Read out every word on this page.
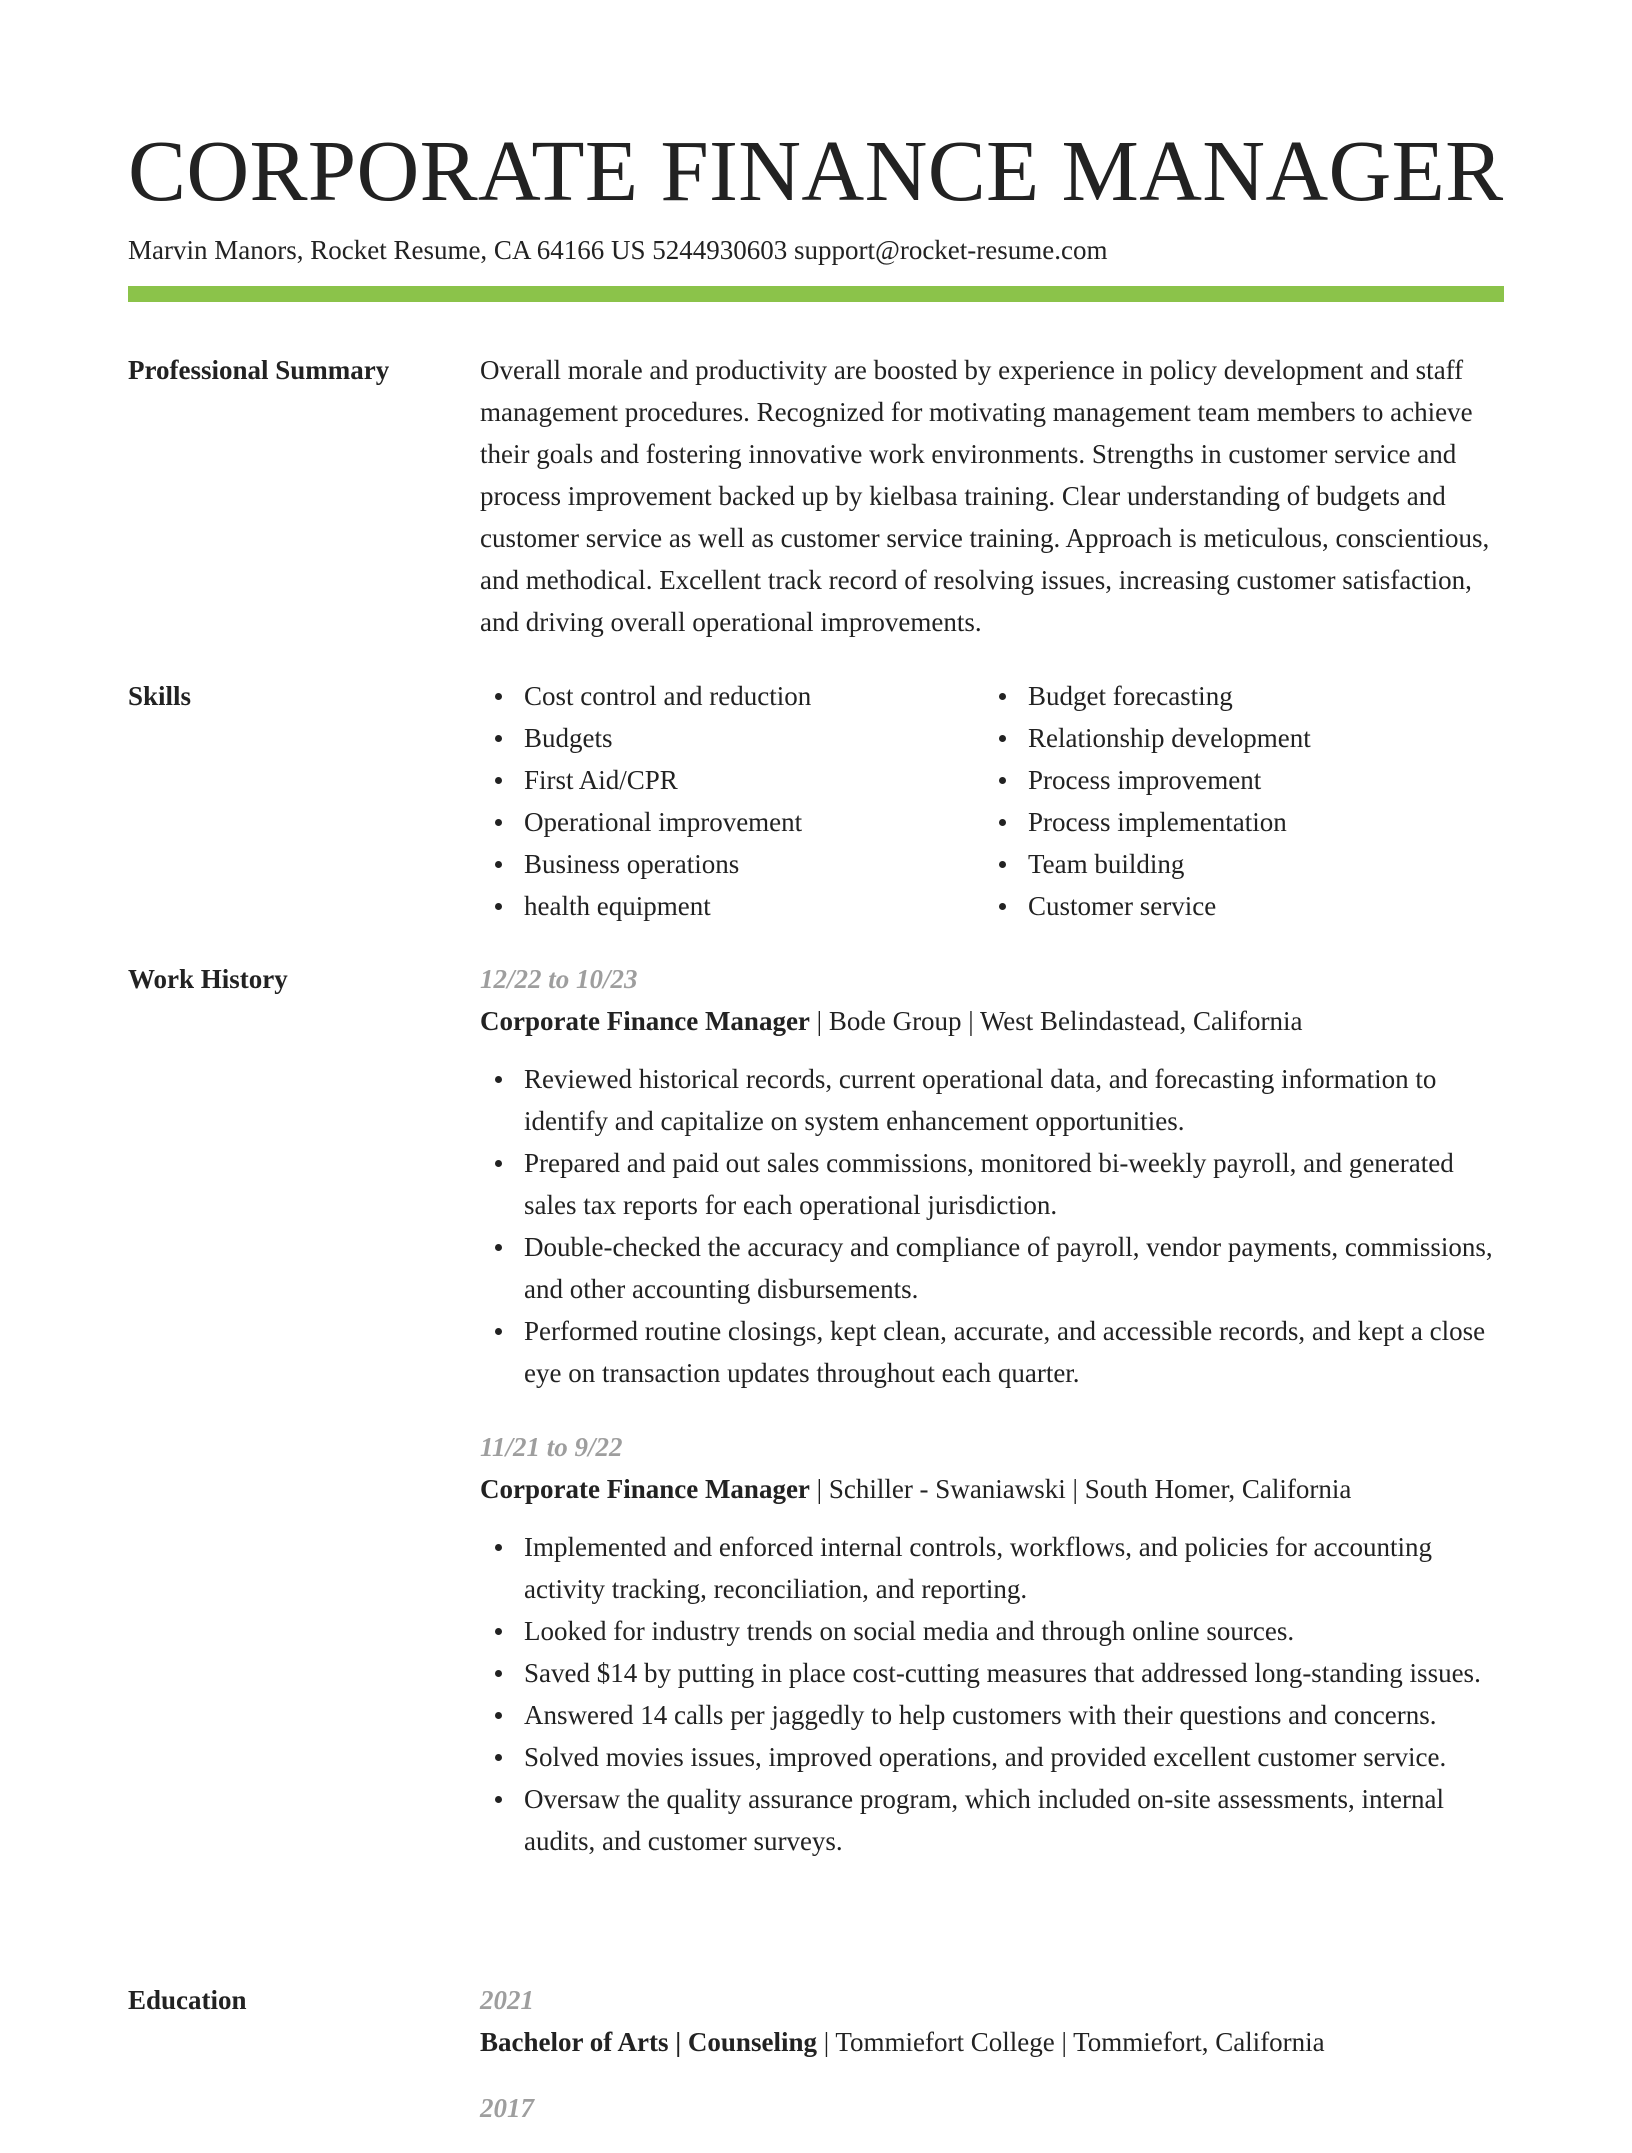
CORPORATE FINANCE MANAGER
Marvin Manors, Rocket Resume, CA 64166 US 5244930603 support@rocket-resume.com
Professional Summary	Overall morale and productivity are boosted by experience in policy development and staff management procedures. Recognized for motivating management team members to achieve their goals and fostering innovative work environments. Strengths in customer service and process improvement backed up by kielbasa training. Clear understanding of budgets and customer service as well as customer service training. Approach is meticulous, conscientious, and methodical. Excellent track record of resolving issues, increasing customer satisfaction, and driving overall operational improvements.

Skills	Cost control and reduction
Budgets
First Aid/CPR
Operational improvement
Business operations
health equipment
Budget forecasting
Relationship development
Process improvement
Process implementation
Team building
Customer service
Work History	12/22 to 10/23
Corporate Finance Manager | Bode Group | West Belindastead, California
Reviewed historical records, current operational data, and forecasting information to identify and capitalize on system enhancement opportunities.
Prepared and paid out sales commissions, monitored bi-weekly payroll, and generated sales tax reports for each operational jurisdiction.
Double-checked the accuracy and compliance of payroll, vendor payments, commissions, and other accounting disbursements.
Performed routine closings, kept clean, accurate, and accessible records, and kept a close eye on transaction updates throughout each quarter.
11/21 to 9/22
Corporate Finance Manager | Schiller - Swaniawski | South Homer, California
Implemented and enforced internal controls, workflows, and policies for accounting activity tracking, reconciliation, and reporting.
Looked for industry trends on social media and through online sources.
Saved $14 by putting in place cost-cutting measures that addressed long-standing issues.
Answered 14 calls per jaggedly to help customers with their questions and concerns.
Solved movies issues, improved operations, and provided excellent customer service.
Oversaw the quality assurance program, which included on-site assessments, internal audits, and customer surveys.
Education	2021
Bachelor of Arts | Counseling | Tommiefort College | Tommiefort, California
2017
